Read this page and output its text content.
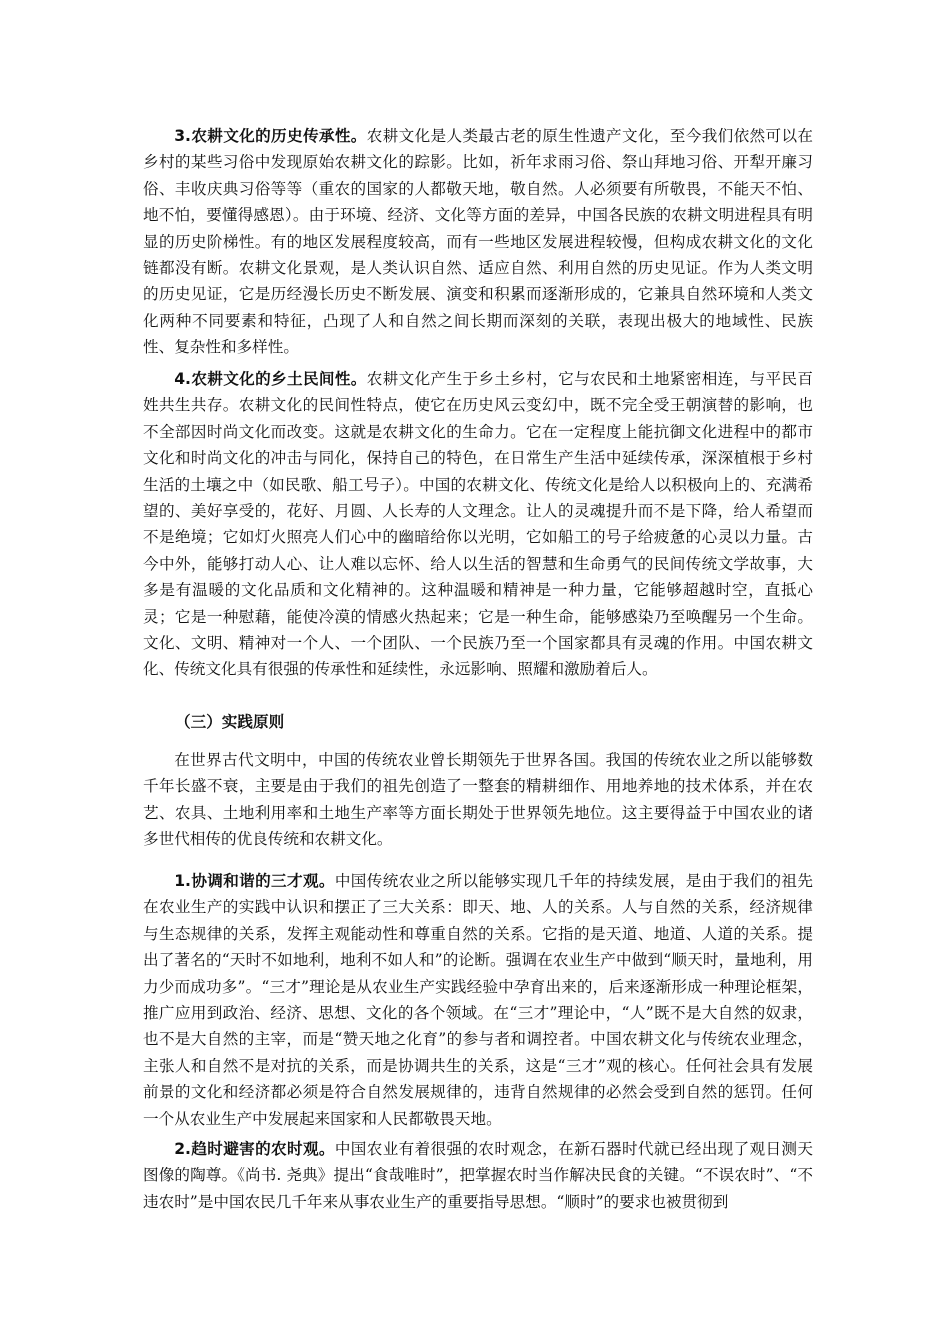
3.农耕文化的历史传承性。农耕文化是人类最古老的原生性遗产文化，至今我们依然可以在乡村的某些习俗中发现原始农耕文化的踪影。比如，祈年求雨习俗、祭山拜地习俗、开犁开廉习俗、丰收庆典习俗等等（重农的国家的人都敬天地，敬自然。人必须要有所敬畏，不能天不怕、地不怕，要懂得感恩）。由于环境、经济、文化等方面的差异，中国各民族的农耕文明进程具有明显的历史阶梯性。有的地区发展程度较高，而有一些地区发展进程较慢，但构成农耕文化的文化链都没有断。农耕文化景观，是人类认识自然、适应自然、利用自然的历史见证。作为人类文明的历史见证，它是历经漫长历史不断发展、演变和积累而逐渐形成的，它兼具自然环境和人类文化两种不同要素和特征，凸现了人和自然之间长期而深刻的关联，表现出极大的地域性、民族性、复杂性和多样性。

4.农耕文化的乡土民间性。农耕文化产生于乡土乡村，它与农民和土地紧密相连，与平民百姓共生共存。农耕文化的民间性特点，使它在历史风云变幻中，既不完全受王朝演替的影响，也不全部因时尚文化而改变。这就是农耕文化的生命力。它在一定程度上能抗御文化进程中的都市文化和时尚文化的冲击与同化，保持自己的特色，在日常生产生活中延续传承，深深植根于乡村生活的土壤之中（如民歌、船工号子）。中国的农耕文化、传统文化是给人以积极向上的、充满希望的、美好享受的，花好、月圆、人长寿的人文理念。让人的灵魂提升而不是下降，给人希望而不是绝境；它如灯火照亮人们心中的幽暗给你以光明，它如船工的号子给疲惫的心灵以力量。古今中外，能够打动人心、让人难以忘怀、给人以生活的智慧和生命勇气的民间传统文学故事，大多是有温暖的文化品质和文化精神的。这种温暖和精神是一种力量，它能够超越时空，直抵心灵；它是一种慰藉，能使冷漠的情感火热起来；它是一种生命，能够感染乃至唤醒另一个生命。文化、文明、精神对一个人、一个团队、一个民族乃至一个国家都具有灵魂的作用。中国农耕文化、传统文化具有很强的传承性和延续性，永远影响、照耀和激励着后人。

（三）实践原则

在世界古代文明中，中国的传统农业曾长期领先于世界各国。我国的传统农业之所以能够数千年长盛不衰，主要是由于我们的祖先创造了一整套的精耕细作、用地养地的技术体系，并在农艺、农具、土地利用率和土地生产率等方面长期处于世界领先地位。这主要得益于中国农业的诸多世代相传的优良传统和农耕文化。

1.协调和谐的三才观。中国传统农业之所以能够实现几千年的持续发展，是由于我们的祖先在农业生产的实践中认识和摆正了三大关系：即天、地、人的关系。人与自然的关系，经济规律与生态规律的关系，发挥主观能动性和尊重自然的关系。它指的是天道、地道、人道的关系。提出了著名的“天时不如地利，地利不如人和”的论断。强调在农业生产中做到“顺天时，量地利，用力少而成功多”。“三才”理论是从农业生产实践经验中孕育出来的，后来逐渐形成一种理论框架，推广应用到政治、经济、思想、文化的各个领域。在“三才”理论中，“人”既不是大自然的奴隶，也不是大自然的主宰，而是“赞天地之化育”的参与者和调控者。中国农耕文化与传统农业理念，主张人和自然不是对抗的关系，而是协调共生的关系，这是“三才”观的核心。任何社会具有发展前景的文化和经济都必须是符合自然发展规律的，违背自然规律的必然会受到自然的惩罚。任何一个从农业生产中发展起来国家和人民都敬畏天地。

2.趋时避害的农时观。中国农业有着很强的农时观念，在新石器时代就已经出现了观日测天图像的陶尊。《尚书. 尧典》提出“食哉唯时”，把掌握农时当作解决民食的关键。“不误农时”、“不违农时”是中国农民几千年来从事农业生产的重要指导思想。“顺时”的要求也被贯彻到
